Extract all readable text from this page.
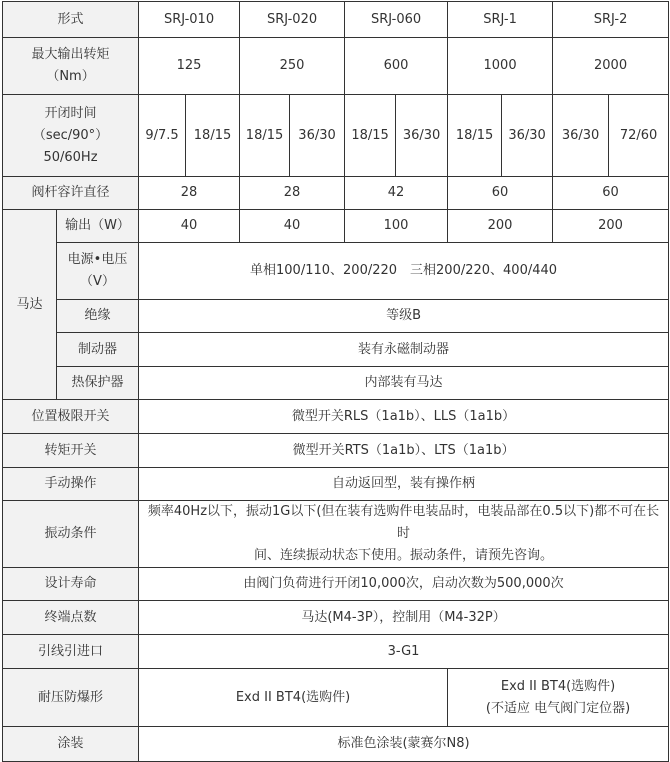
形式		SRJ-010		SRJ-020		SRJ-060		SRJ-1		SRJ-2	

最大输出转矩
（Nm）		125		250		600		1000		2000	

开闭时间
（sec/90°）
50/60Hz		9/7.5	18/15	18/15	36/30	18/15	36/30	18/15	36/30	36/30	72/60
阀杆容许直径		28		28		42		60		60	
马达	输出（W）	40		40		100		200		200	

	电源•电压
（V）	单相100/110、200/220　三相200/220、400/440									
	绝缘	等级B									
	制动器	装有永磁制动器									
	热保护器	内部装有马达									
位置极限开关		微型开关RLS（1a1b）、LLS（1a1b）									
转矩开关		微型开关RTS（1a1b）、LTS（1a1b）									
手动操作		自动返回型，装有操作柄									
振动条件		频率40Hz以下，振动1G以下(但在装有选购件电装品时，电装品部在0.5以下)都不可在长时
间、连续振动状态下使用。振动条件，请预先咨询。									

设计寿命		由阀门负荷进行开闭10,000次，启动次数为500,000次									
终端点数		马达(M4-3P），控制用（M4-32P）									
引线引进口		3-G1									
耐压防爆形		Exd II BT4(选购件)						Exd II BT4(选购件)
(不适应 电气阀门定位器)			

涂装		标准色涂装(蒙赛尔N8)									
